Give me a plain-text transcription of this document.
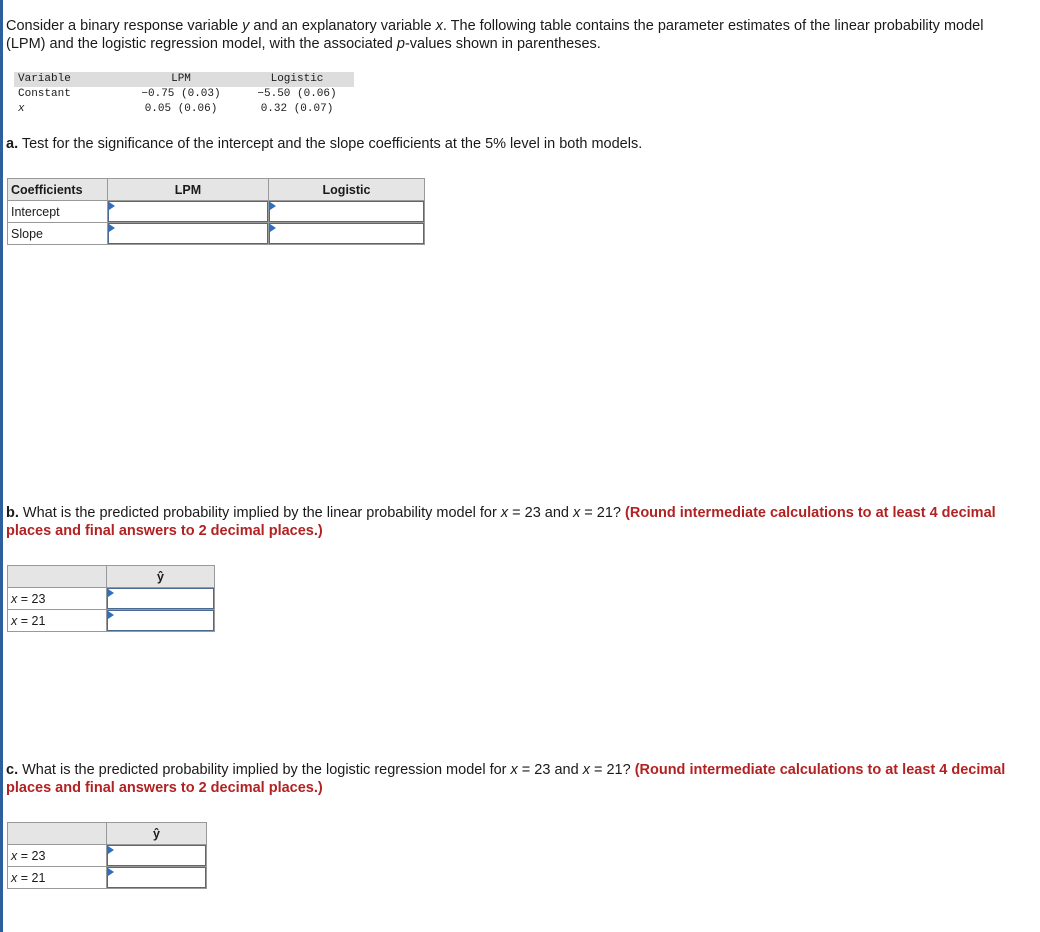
Consider a binary response variable y and an explanatory variable x. The following table contains the parameter estimates of the linear probability model (LPM) and the logistic regression model, with the associated p-values shown in parentheses.
Variable	LPM	Logistic
Constant	−0.75 (0.03)	−5.50 (0.06)
x	0.05 (0.06)	0.32 (0.07)
a. Test for the significance of the intercept and the slope coefficients at the 5% level in both models.
Coefficients	LPM	Logistic
Intercept	

Slope	

b. What is the predicted probability implied by the linear probability model for x = 23 and x = 21? (Round intermediate calculations to at least 4 decimal places and final answers to 2 decimal places.)
	ŷ
x = 23	

x = 21	
c. What is the predicted probability implied by the logistic regression model for x = 23 and x = 21? (Round intermediate calculations to at least 4 decimal places and final answers to 2 decimal places.)
	ŷ
x = 23	

x = 21	
